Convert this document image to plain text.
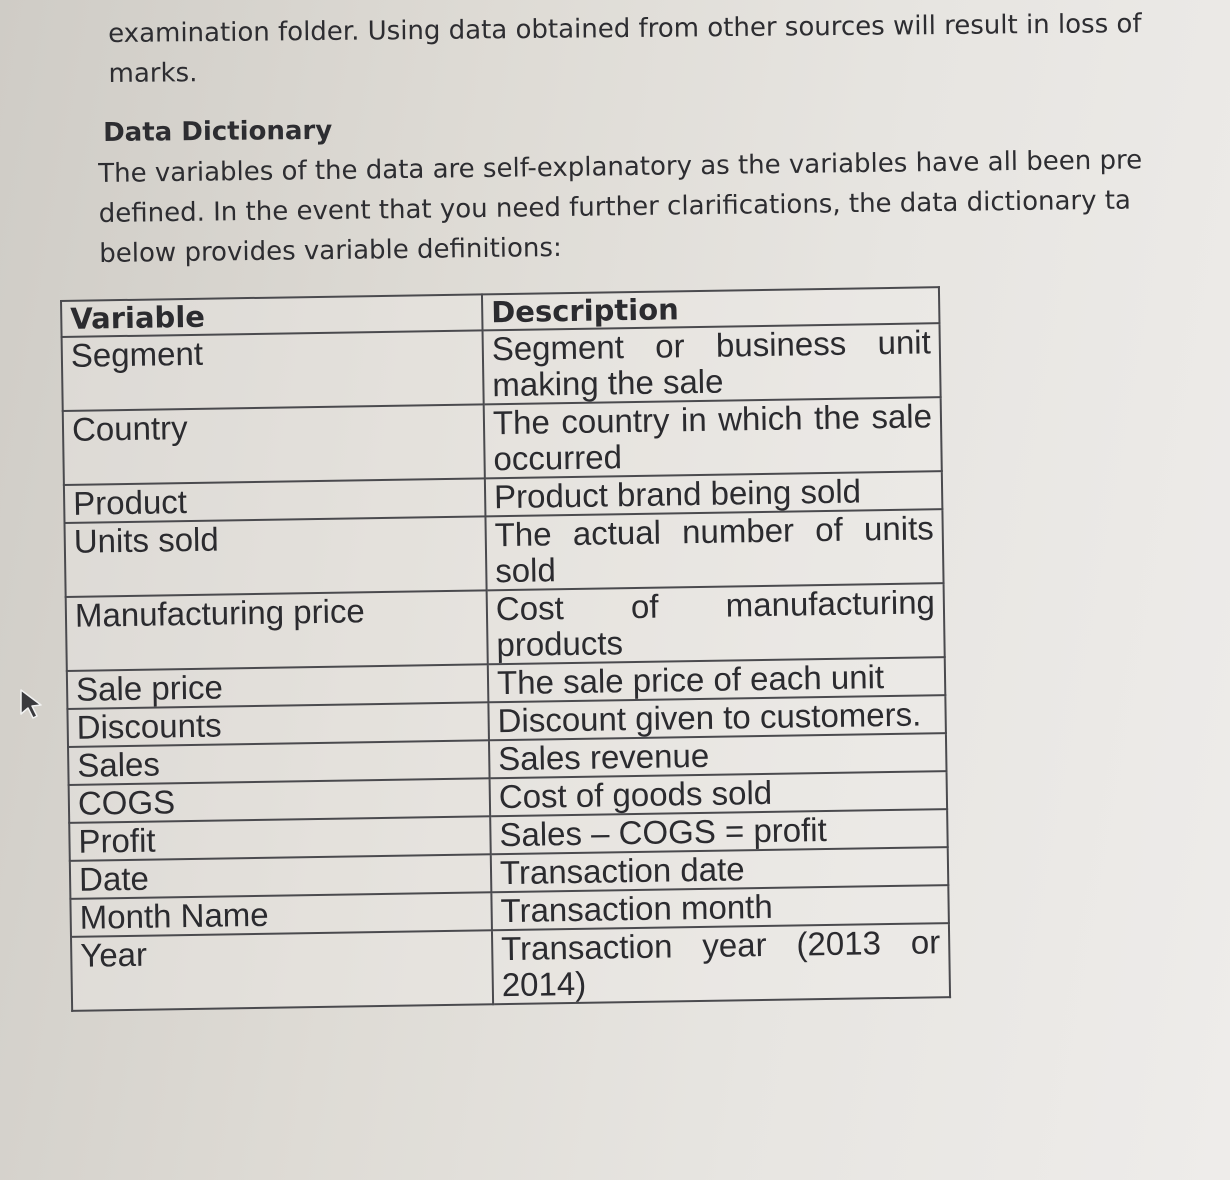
examination folder. Using data obtained from other sources will result in loss of
marks.

Data Dictionary

The variables of the data are self-explanatory as the variables have all been pre
defined. In the event that you need further clarifications, the data dictionary ta
below provides variable definitions:

Variable	Description
Segment	Segment or business unit making the sale
Country	The country in which the sale occurred
Product	Product brand being sold
Units sold	The actual number of units sold
Manufacturing price	Cost of manufacturing products
Sale price	The sale price of each unit
Discounts	Discount given to customers.
Sales	Sales revenue
COGS	Cost of goods sold
Profit	Sales – COGS = profit
Date	Transaction date
Month Name	Transaction month
Year	Transaction year (2013 or 2014)
